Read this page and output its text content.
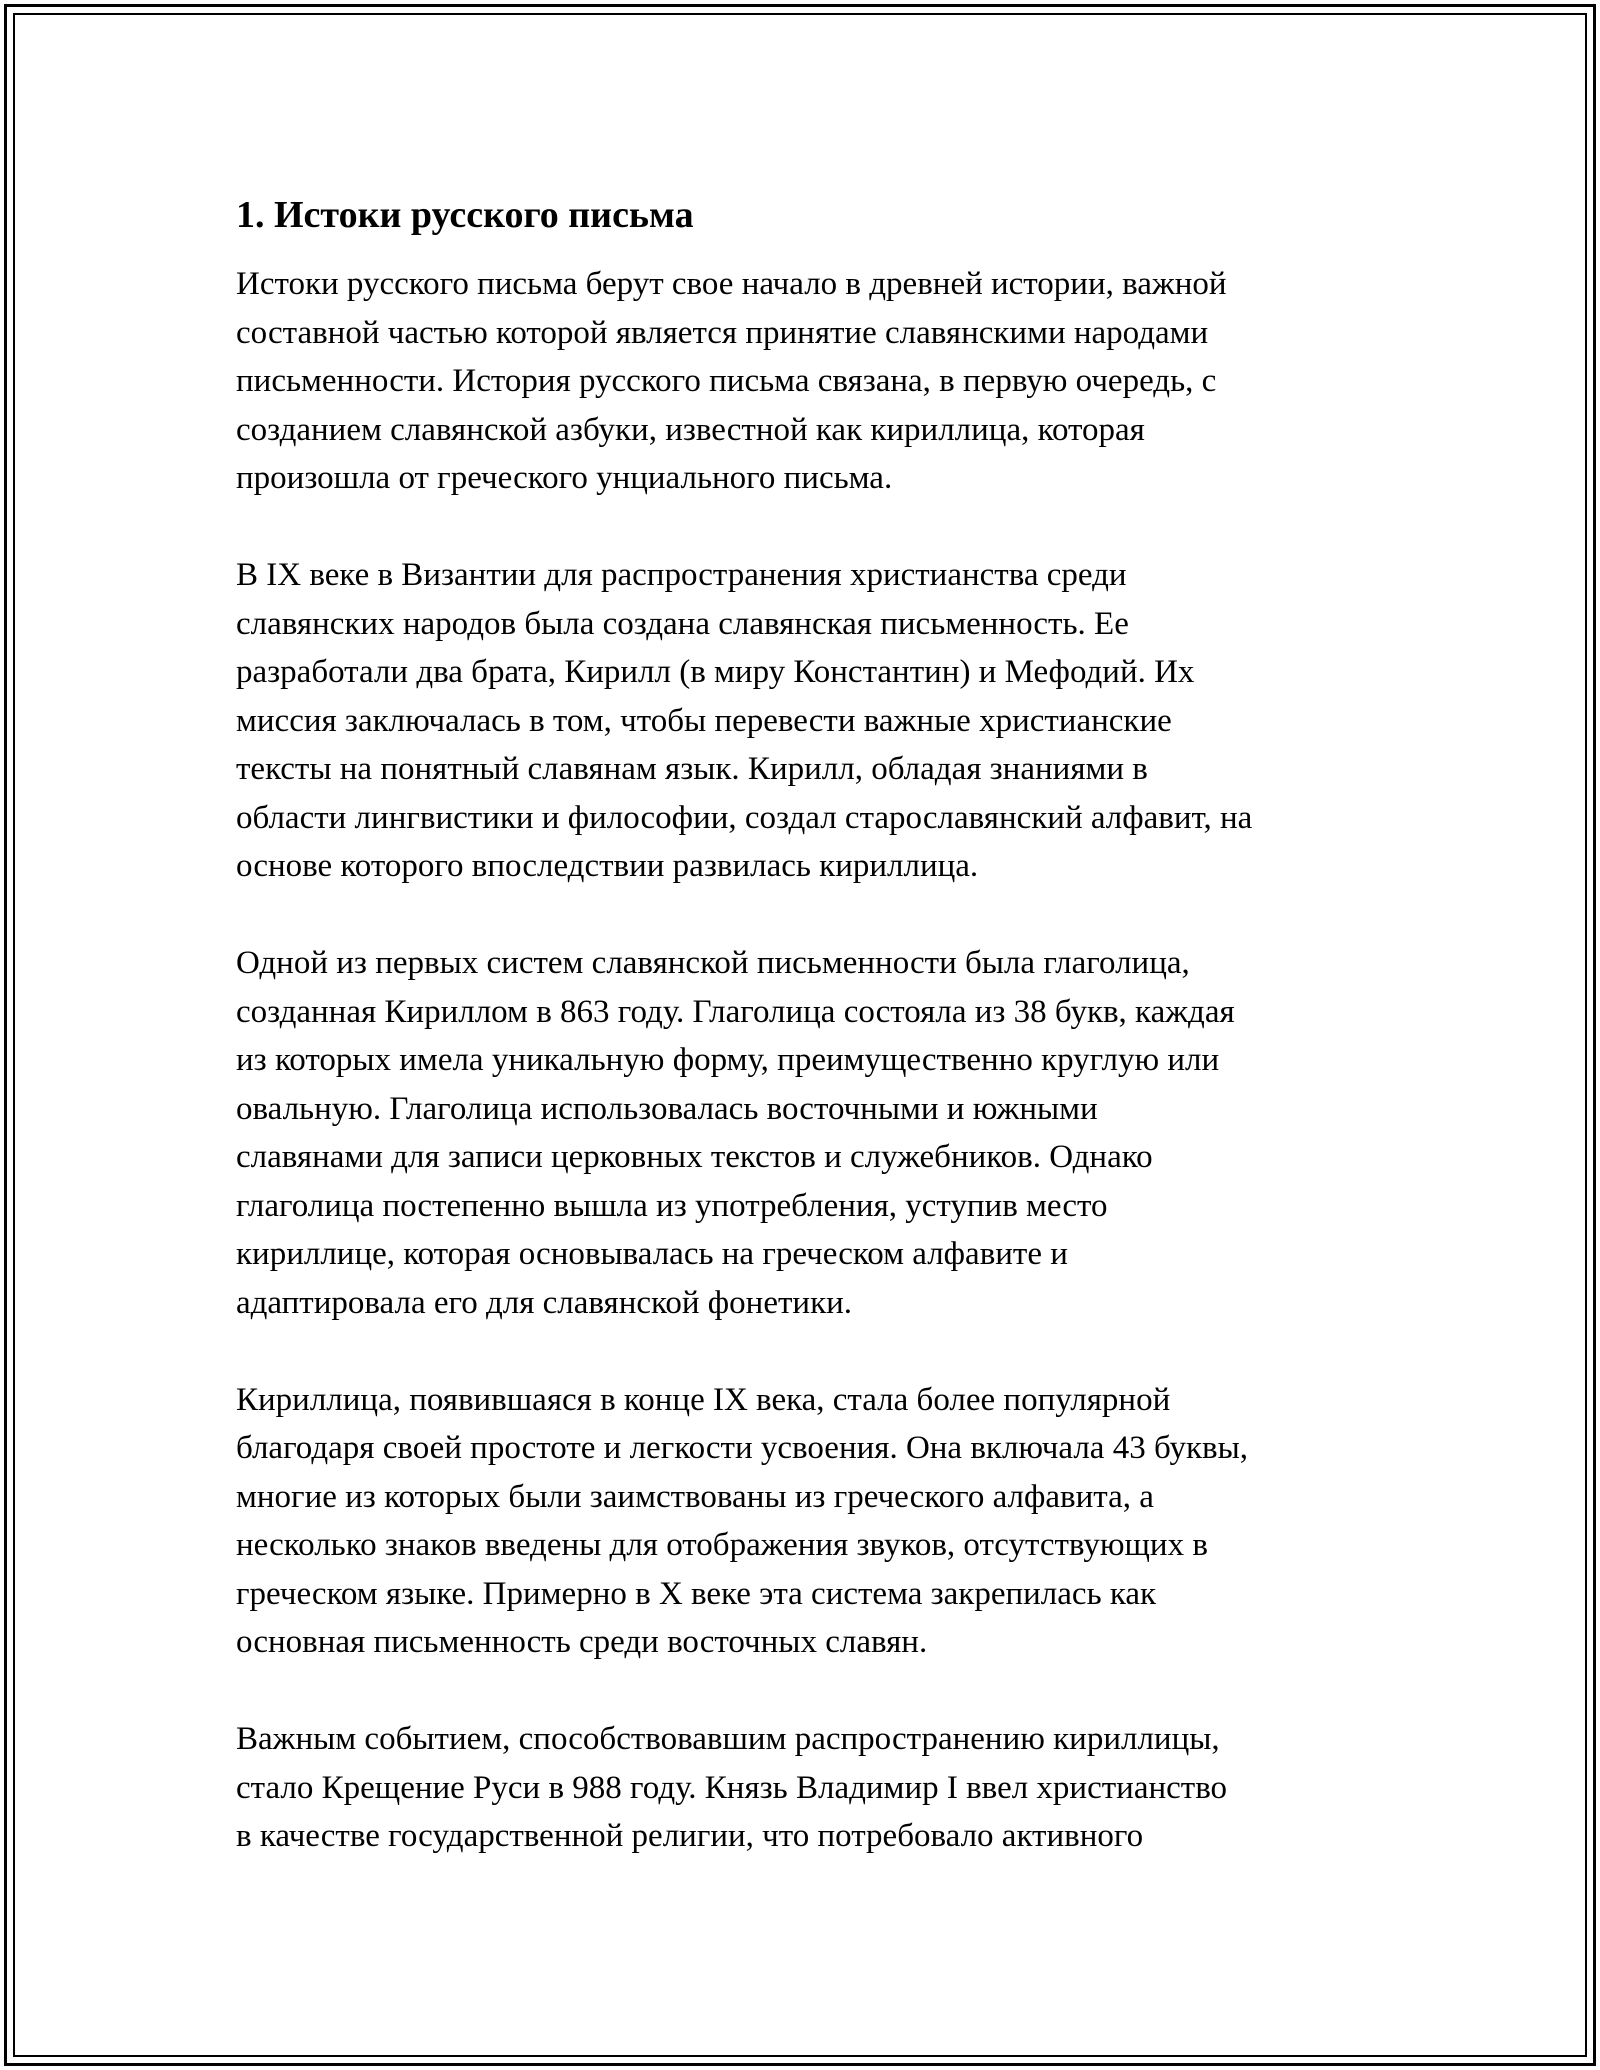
1. Истоки русского письма

Истоки русского письма берут свое начало в древней истории, важной
составной частью которой является принятие славянскими народами
письменности. История русского письма связана, в первую очередь, с
созданием славянской азбуки, известной как кириллица, которая
произошла от греческого унциального письма.

В IX веке в Византии для распространения христианства среди
славянских народов была создана славянская письменность. Ее
разработали два брата, Кирилл (в миру Константин) и Мефодий. Их
миссия заключалась в том, чтобы перевести важные христианские
тексты на понятный славянам язык. Кирилл, обладая знаниями в
области лингвистики и философии, создал старославянский алфавит, на
основе которого впоследствии развилась кириллица.

Одной из первых систем славянской письменности была глаголица,
созданная Кириллом в 863 году. Глаголица состояла из 38 букв, каждая
из которых имела уникальную форму, преимущественно круглую или
овальную. Глаголица использовалась восточными и южными
славянами для записи церковных текстов и служебников. Однако
глаголица постепенно вышла из употребления, уступив место
кириллице, которая основывалась на греческом алфавите и
адаптировала его для славянской фонетики.

Кириллица, появившаяся в конце IX века, стала более популярной
благодаря своей простоте и легкости усвоения. Она включала 43 буквы,
многие из которых были заимствованы из греческого алфавита, а
несколько знаков введены для отображения звуков, отсутствующих в
греческом языке. Примерно в X веке эта система закрепилась как
основная письменность среди восточных славян.

Важным событием, способствовавшим распространению кириллицы,
стало Крещение Руси в 988 году. Князь Владимир I ввел христианство
в качестве государственной религии, что потребовало активного
